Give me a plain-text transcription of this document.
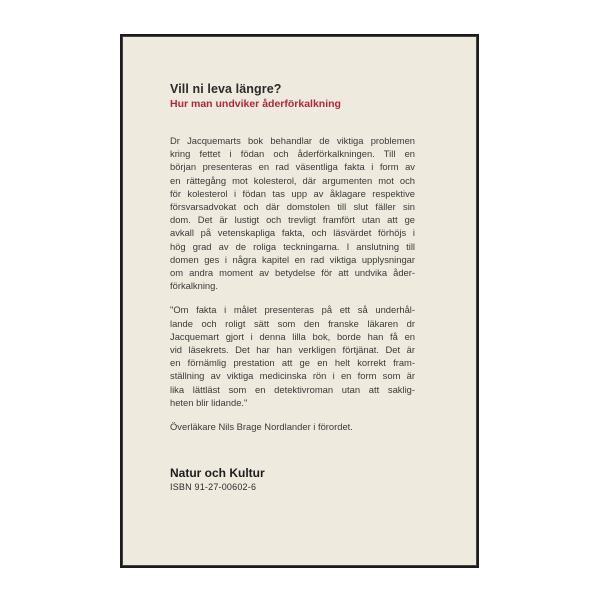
Vill ni leva längre?
Hur man undviker åderförkalkning

Dr Jacquemarts bok behandlar de viktiga problemen
kring fettet i födan och åderförkalkningen. Till en
början presenteras en rad väsentliga fakta i form av
en rättegång mot kolesterol, där argumenten mot och
för kolesterol i födan tas upp av åklagare respektive
försvarsadvokat och där domstolen till slut fäller sin
dom. Det är lustigt och trevligt framfört utan att ge
avkall på vetenskapliga fakta, och läsvärdet förhöjs i
hög grad av de roliga teckningarna. I anslutning till
domen ges i några kapitel en rad viktiga upplysningar
om andra moment av betydelse för att undvika åder-
förkalkning.

"Om fakta i målet presenteras på ett så underhål-
lande och roligt sätt som den franske läkaren dr
Jacquemart gjort i denna lilla bok, borde han få en
vid läsekrets. Det har han verkligen förtjänat. Det är
en förnämlig prestation att ge en helt korrekt fram-
ställning av viktiga medicinska rön i en form som är
lika lättläst som en detektivroman utan att saklig-
heten blir lidande."

Överläkare Nils Brage Nordlander i förordet.

Natur och Kultur

ISBN 91-27-00602-6
